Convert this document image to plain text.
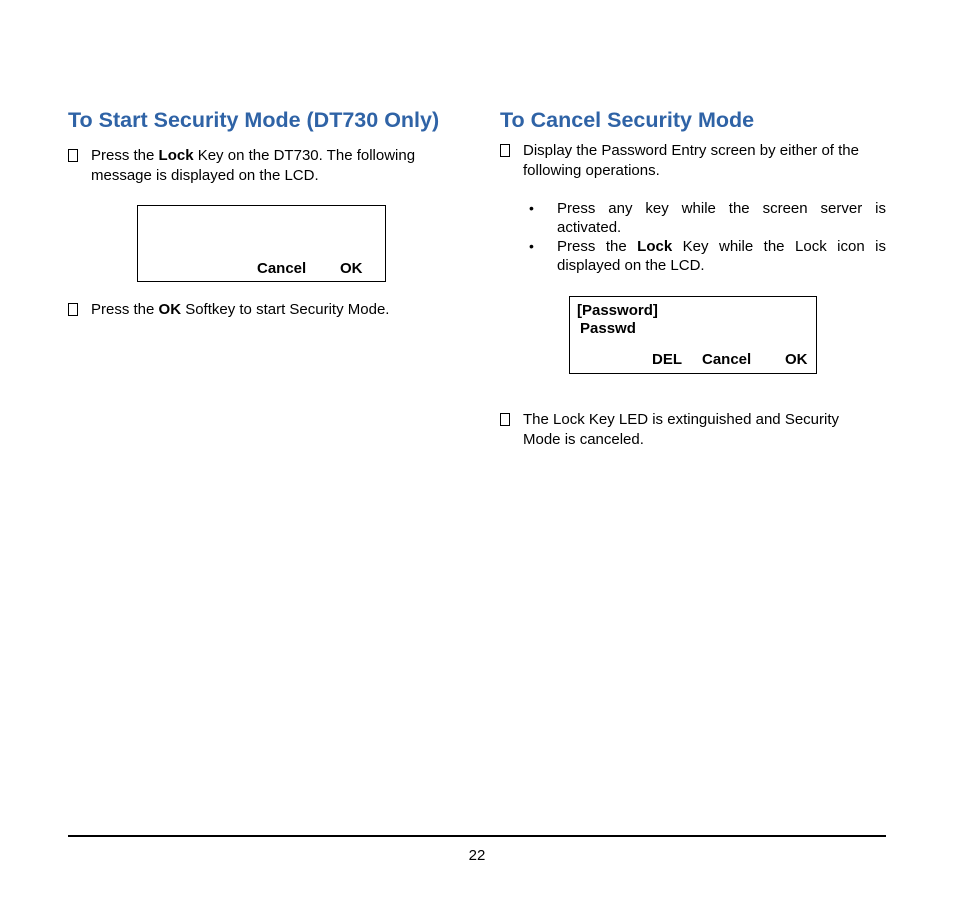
To Start Security Mode (DT730 Only)

Press the Lock Key on the DT730. The following message is displayed on the LCD.

Cancel OK

Press the OK Softkey to start Security Mode.

To Cancel Security Mode

Display the Password Entry screen by either of the following operations.

• Press any key while the screen server is
activated.
• Press the Lock Key while the Lock icon is
displayed on the LCD.
[Password]
Passwd
DEL Cancel OK

The Lock Key LED is extinguished and Security Mode is canceled.

22
